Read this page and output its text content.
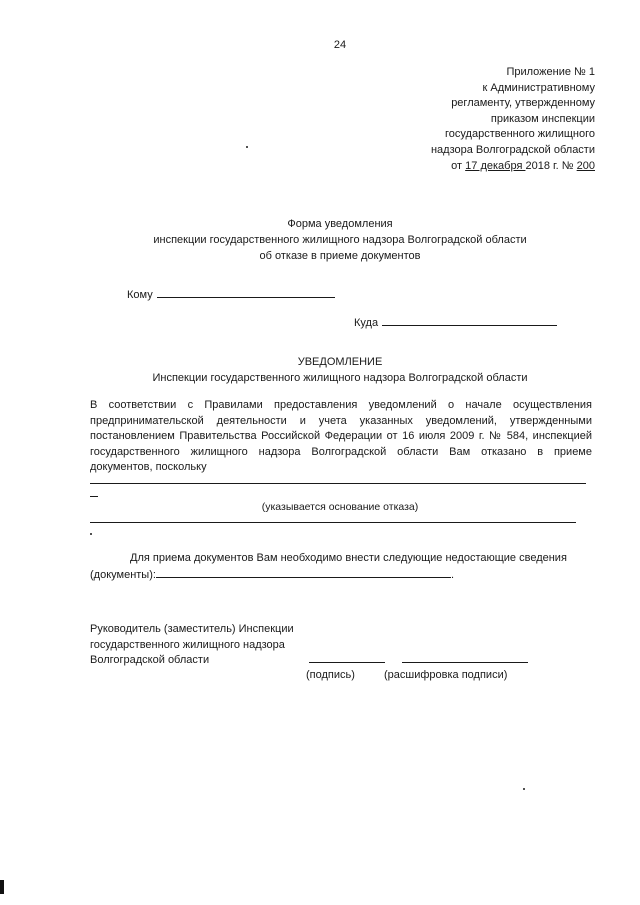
24
Приложение № 1
к Административному
регламенту, утвержденному
приказом инспекции
государственного жилищного
надзора Волгоградской области
от 17 декабря 2018 г. № 200
Форма уведомления
инспекции государственного жилищного надзора Волгоградской области
об отказе в приеме документов
Кому
Куда
УВЕДОМЛЕНИЕ
Инспекции государственного жилищного надзора Волгоградской области
В соответствии с Правилами предоставления уведомлений о начале осуществления предпринимательской деятельности и учета указанных уведомлений, утвержденными постановлением Правительства Российской Федерации от 16 июля 2009 г. № 584, инспекцией государственного жилищного надзора Волгоградской области Вам отказано в приеме документов, поскольку
(указывается основание отказа)
Для приема документов Вам необходимо внести следующие недостающие сведения
(документы):	.
Руководитель (заместитель) Инспекции
государственного жилищного надзора
Волгоградской области
(подпись)	(расшифровка подписи)
